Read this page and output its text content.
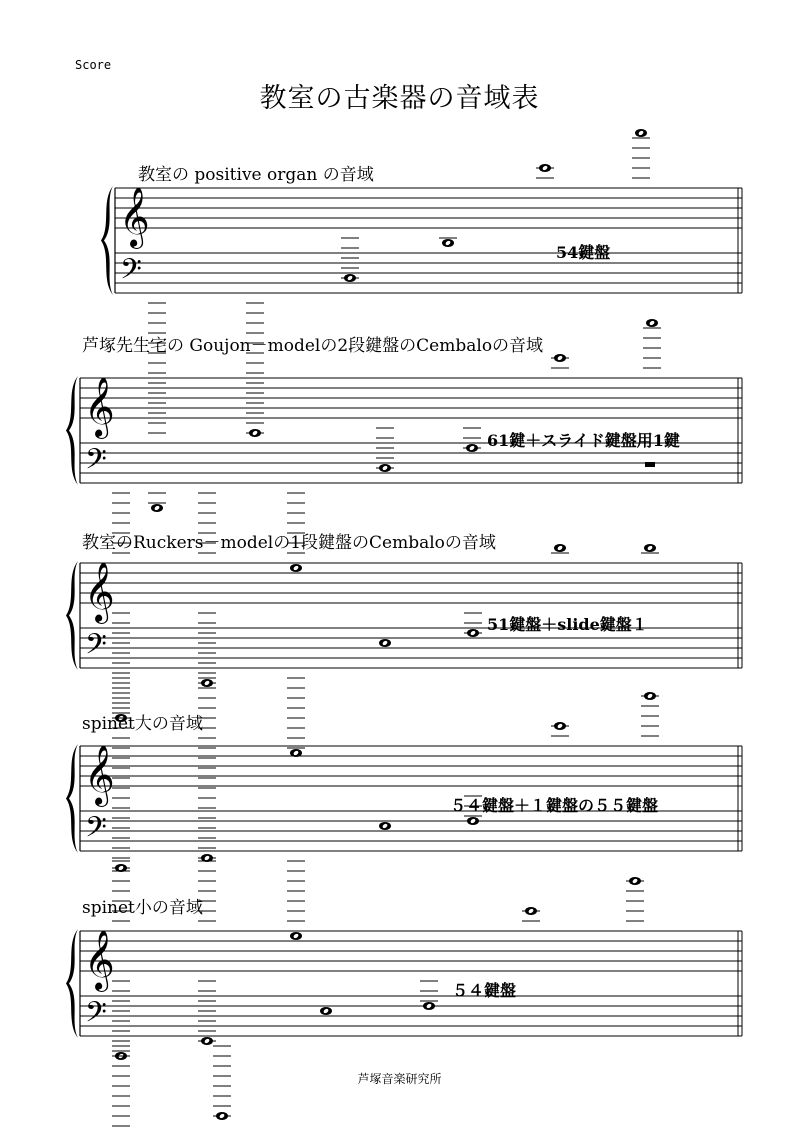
Score
教室の古楽器の音域表
教室の positive organ の音域
54鍵盤
𝄞
𝄢
芦塚先生宅の Goujon－modelの2段鍵盤のCembaloの音域
61鍵＋スライド鍵盤用1鍵
𝄞
𝄢
教室のRuckers－modelの1段鍵盤のCembaloの音域
51鍵盤＋slide鍵盤１
𝄞
𝄢
spinet大の音域
５４鍵盤＋１鍵盤の５５鍵盤
𝄞
𝄢
spinet小の音域
５４鍵盤
𝄞
𝄢
芦塚音楽研究所
